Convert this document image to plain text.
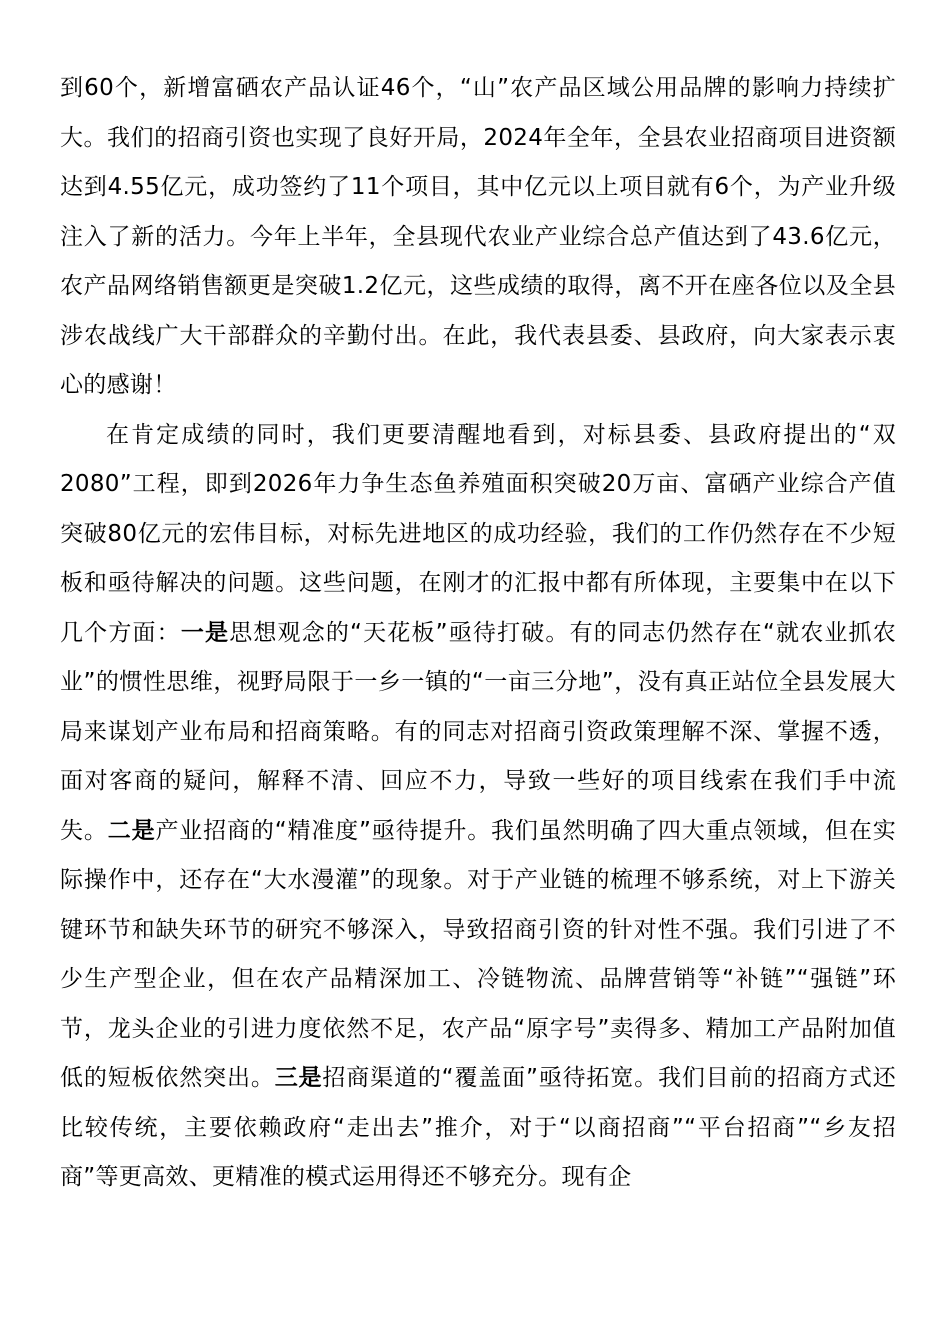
到60个，新增富硒农产品认证46个，“山”农产品区域公用品牌的影响力持续扩大。我们的招商引资也实现了良好开局，2024年全年，全县农业招商项目进资额达到4.55亿元，成功签约了11个项目，其中亿元以上项目就有6个，为产业升级注入了新的活力。今年上半年，全县现代农业产业综合总产值达到了43.6亿元，农产品网络销售额更是突破1.2亿元，这些成绩的取得，离不开在座各位以及全县涉农战线广大干部群众的辛勤付出。在此，我代表县委、县政府，向大家表示衷心的感谢！

在肯定成绩的同时，我们更要清醒地看到，对标县委、县政府提出的“双2080”工程，即到2026年力争生态鱼养殖面积突破20万亩、富硒产业综合产值突破80亿元的宏伟目标，对标先进地区的成功经验，我们的工作仍然存在不少短板和亟待解决的问题。这些问题，在刚才的汇报中都有所体现，主要集中在以下几个方面：一是思想观念的“天花板”亟待打破。有的同志仍然存在“就农业抓农业”的惯性思维，视野局限于一乡一镇的“一亩三分地”，没有真正站位全县发展大局来谋划产业布局和招商策略。有的同志对招商引资政策理解不深、掌握不透，面对客商的疑问，解释不清、回应不力，导致一些好的项目线索在我们手中流失。二是产业招商的“精准度”亟待提升。我们虽然明确了四大重点领域，但在实际操作中，还存在“大水漫灌”的现象。对于产业链的梳理不够系统，对上下游关键环节和缺失环节的研究不够深入，导致招商引资的针对性不强。我们引进了不少生产型企业，但在农产品精深加工、冷链物流、品牌营销等“补链”“强链”环节，龙头企业的引进力度依然不足，农产品“原字号”卖得多、精加工产品附加值低的短板依然突出。三是招商渠道的“覆盖面”亟待拓宽。我们目前的招商方式还比较传统，主要依赖政府“走出去”推介，对于“以商招商”“平台招商”“乡友招商”等更高效、更精准的模式运用得还不够充分。现有企
